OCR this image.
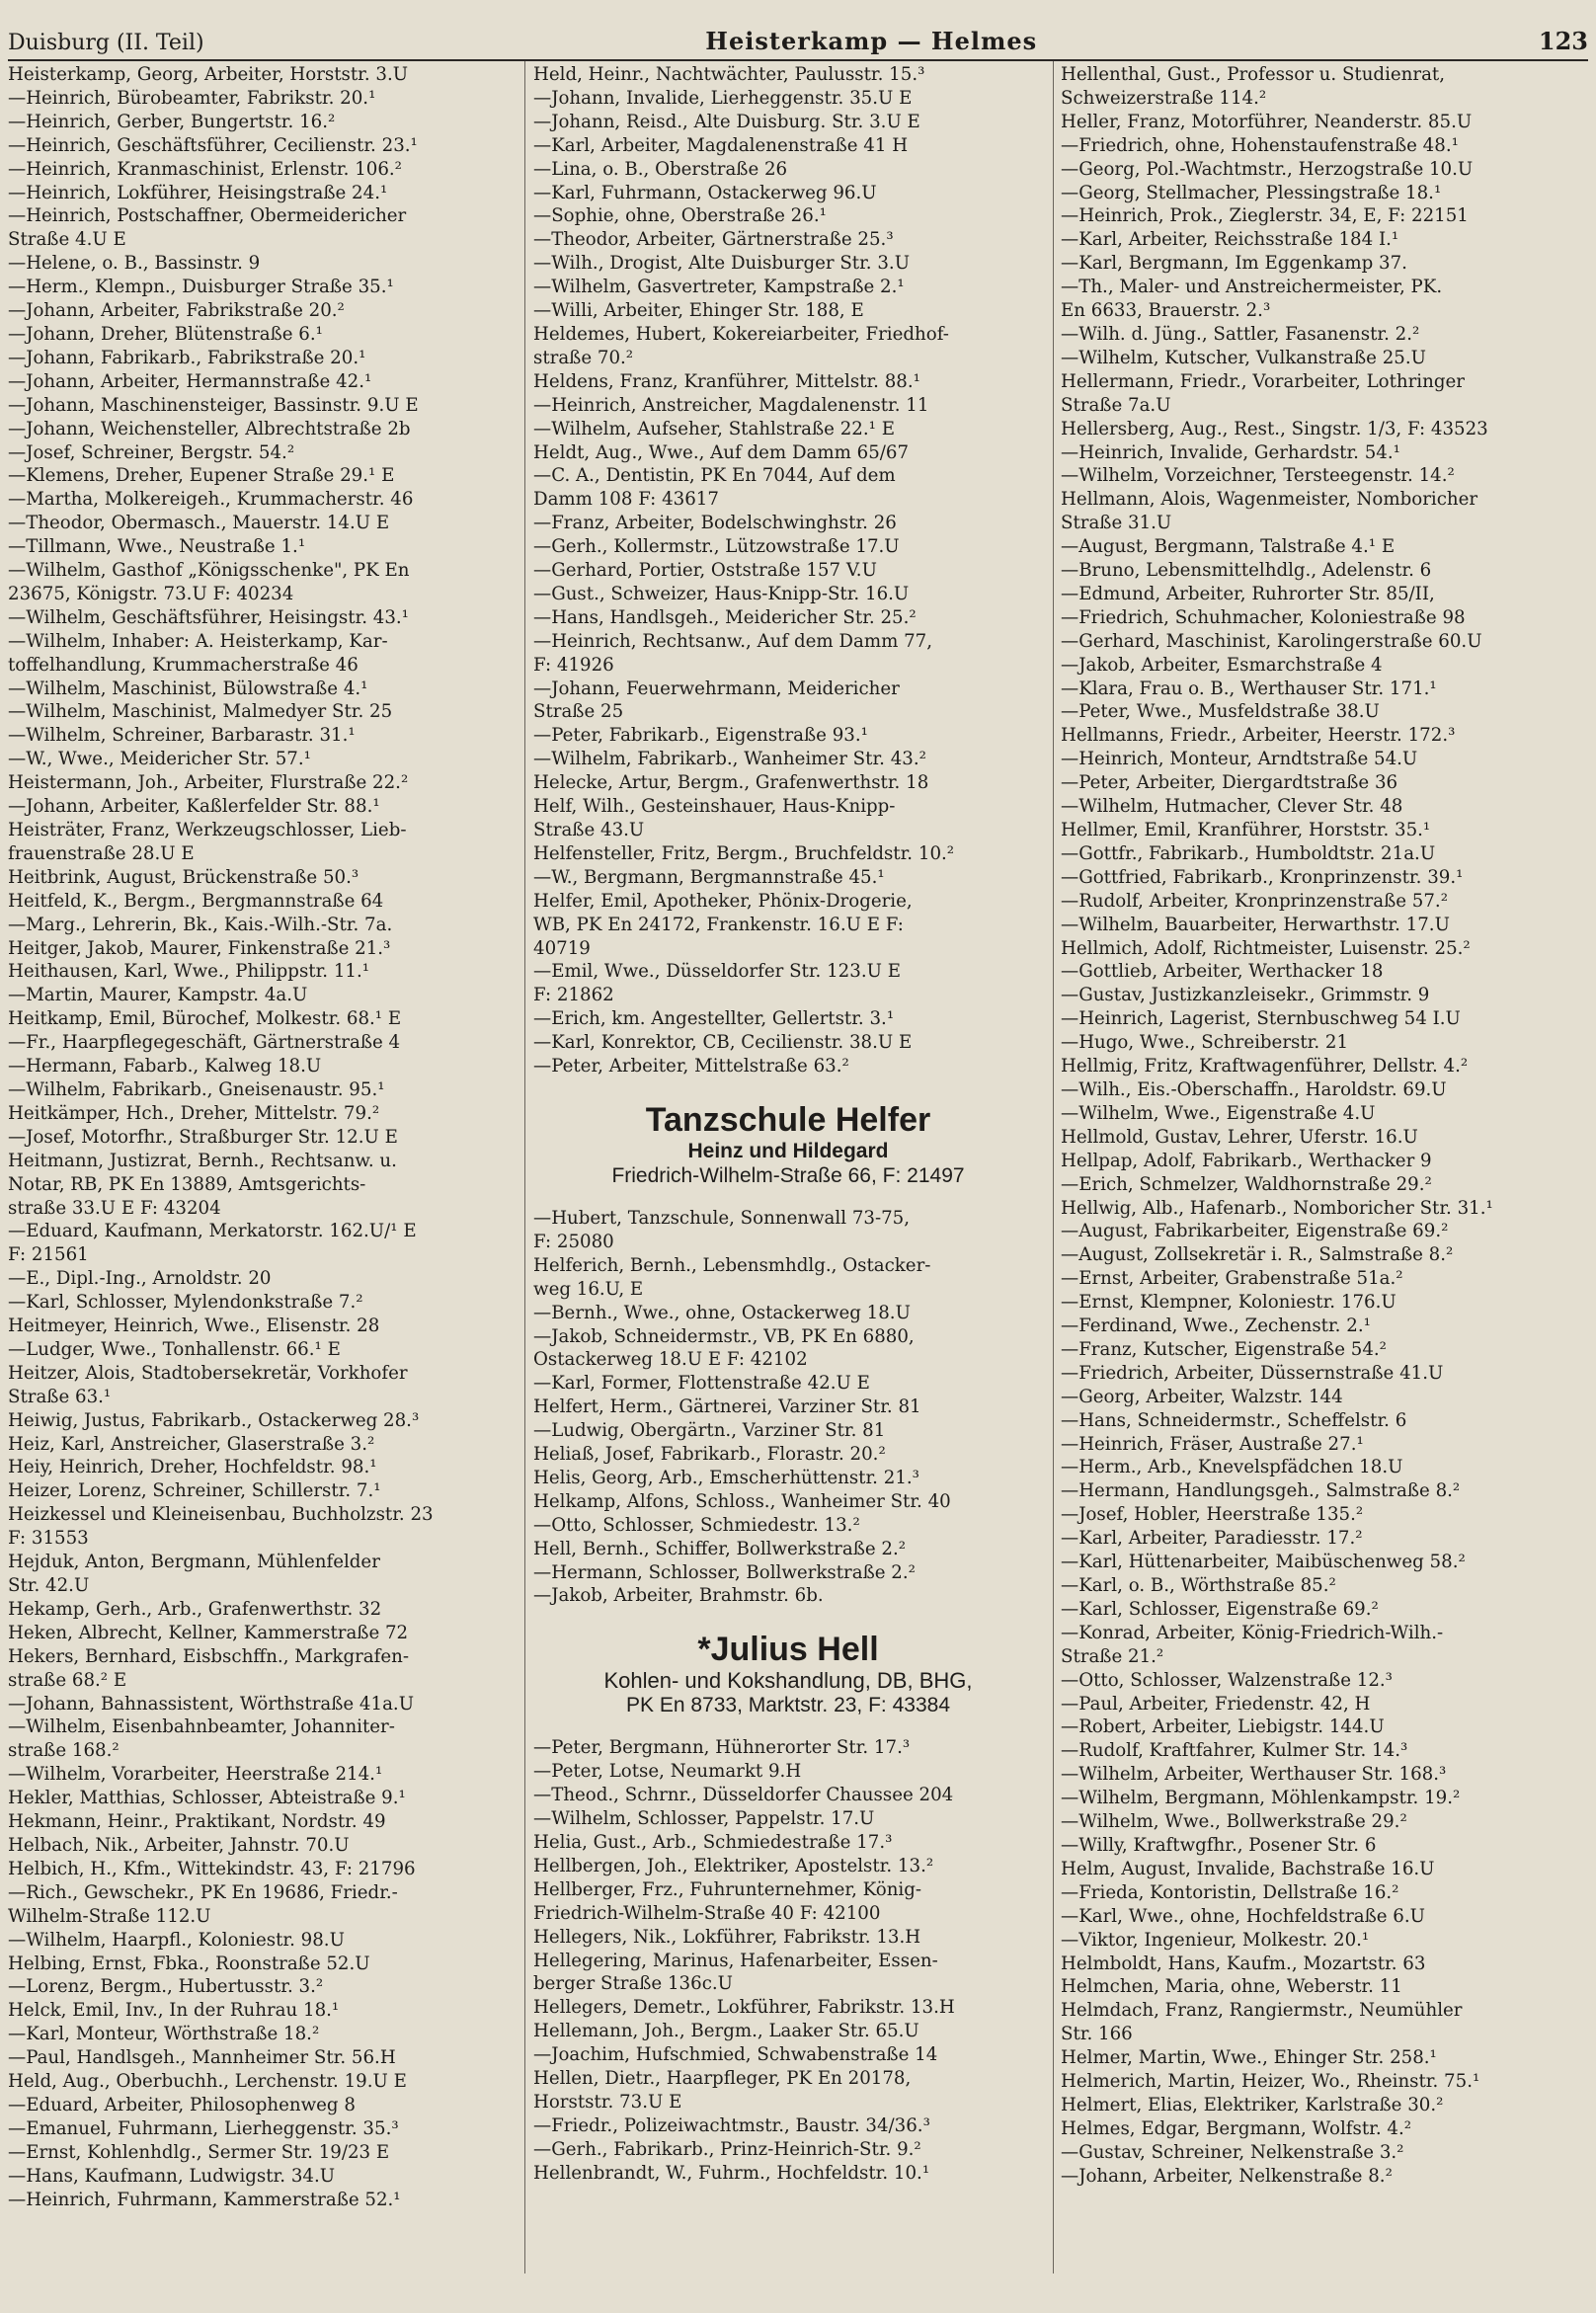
Duisburg (II. Teil)	Heisterkamp — Helmes	123
Heisterkamp, Georg, Arbeiter, Horststr. 3.U
—Heinrich, Bürobeamter, Fabrikstr. 20.¹
—Heinrich, Gerber, Bungertstr. 16.²
—Heinrich, Geschäftsführer, Cecilienstr. 23.¹
—Heinrich, Kranmaschinist, Erlenstr. 106.²
—Heinrich, Lokführer, Heisingstraße 24.¹
—Heinrich, Postschaffner, Obermeidericher
Straße 4.U E
—Helene, o. B., Bassinstr. 9
—Herm., Klempn., Duisburger Straße 35.¹
—Johann, Arbeiter, Fabrikstraße 20.²
—Johann, Dreher, Blütenstraße 6.¹
—Johann, Fabrikarb., Fabrikstraße 20.¹
—Johann, Arbeiter, Hermannstraße 42.¹
—Johann, Maschinensteiger, Bassinstr. 9.U E
—Johann, Weichensteller, Albrechtstraße 2b
—Josef, Schreiner, Bergstr. 54.²
—Klemens, Dreher, Eupener Straße 29.¹ E
—Martha, Molkereigeh., Krummacherstr. 46
—Theodor, Obermasch., Mauerstr. 14.U E
—Tillmann, Wwe., Neustraße 1.¹
—Wilhelm, Gasthof „Königsschenke", PK En
23675, Königstr. 73.U F: 40234
—Wilhelm, Geschäftsführer, Heisingstr. 43.¹
—Wilhelm, Inhaber: A. Heisterkamp, Kar-
toffelhandlung, Krummacherstraße 46
—Wilhelm, Maschinist, Bülowstraße 4.¹
—Wilhelm, Maschinist, Malmedyer Str. 25
—Wilhelm, Schreiner, Barbarastr. 31.¹
—W., Wwe., Meidericher Str. 57.¹
Heistermann, Joh., Arbeiter, Flurstraße 22.²
—Johann, Arbeiter, Kaßlerfelder Str. 88.¹
Heisträter, Franz, Werkzeugschlosser, Lieb-
frauenstraße 28.U E
Heitbrink, August, Brückenstraße 50.³
Heitfeld, K., Bergm., Bergmannstraße 64
—Marg., Lehrerin, Bk., Kais.-Wilh.-Str. 7a.
Heitger, Jakob, Maurer, Finkenstraße 21.³
Heithausen, Karl, Wwe., Philippstr. 11.¹
—Martin, Maurer, Kampstr. 4a.U
Heitkamp, Emil, Bürochef, Molkestr. 68.¹ E
—Fr., Haarpflegegeschäft, Gärtnerstraße 4
—Hermann, Fabarb., Kalweg 18.U
—Wilhelm, Fabrikarb., Gneisenaustr. 95.¹
Heitkämper, Hch., Dreher, Mittelstr. 79.²
—Josef, Motorfhr., Straßburger Str. 12.U E
Heitmann, Justizrat, Bernh., Rechtsanw. u.
Notar, RB, PK En 13889, Amtsgerichts-
straße 33.U E F: 43204
—Eduard, Kaufmann, Merkatorstr. 162.U/¹ E
F: 21561
—E., Dipl.-Ing., Arnoldstr. 20
—Karl, Schlosser, Mylendonkstraße 7.²
Heitmeyer, Heinrich, Wwe., Elisenstr. 28
—Ludger, Wwe., Tonhallenstr. 66.¹ E
Heitzer, Alois, Stadtobersekretär, Vorkhofer
Straße 63.¹
Heiwig, Justus, Fabrikarb., Ostackerweg 28.³
Heiz, Karl, Anstreicher, Glaserstraße 3.²
Heiy, Heinrich, Dreher, Hochfeldstr. 98.¹
Heizer, Lorenz, Schreiner, Schillerstr. 7.¹
Heizkessel und Kleineisenbau, Buchholzstr. 23
F: 31553
Hejduk, Anton, Bergmann, Mühlenfelder
Str. 42.U
Hekamp, Gerh., Arb., Grafenwerthstr. 32
Heken, Albrecht, Kellner, Kammerstraße 72
Hekers, Bernhard, Eisbschffn., Markgrafen-
straße 68.² E
—Johann, Bahnassistent, Wörthstraße 41a.U
—Wilhelm, Eisenbahnbeamter, Johanniter-
straße 168.²
—Wilhelm, Vorarbeiter, Heerstraße 214.¹
Hekler, Matthias, Schlosser, Abteistraße 9.¹
Hekmann, Heinr., Praktikant, Nordstr. 49
Helbach, Nik., Arbeiter, Jahnstr. 70.U
Helbich, H., Kfm., Wittekindstr. 43, F: 21796
—Rich., Gewschekr., PK En 19686, Friedr.-
Wilhelm-Straße 112.U
—Wilhelm, Haarpfl., Koloniestr. 98.U
Helbing, Ernst, Fbka., Roonstraße 52.U
—Lorenz, Bergm., Hubertusstr. 3.²
Helck, Emil, Inv., In der Ruhrau 18.¹
—Karl, Monteur, Wörthstraße 18.²
—Paul, Handlsgeh., Mannheimer Str. 56.H
Held, Aug., Oberbuchh., Lerchenstr. 19.U E
—Eduard, Arbeiter, Philosophenweg 8
—Emanuel, Fuhrmann, Lierheggenstr. 35.³
—Ernst, Kohlenhdlg., Sermer Str. 19/23 E
—Hans, Kaufmann, Ludwigstr. 34.U
—Heinrich, Fuhrmann, Kammerstraße 52.¹
Held, Heinr., Nachtwächter, Paulusstr. 15.³
—Johann, Invalide, Lierheggenstr. 35.U E
—Johann, Reisd., Alte Duisburg. Str. 3.U E
—Karl, Arbeiter, Magdalenenstraße 41 H
—Lina, o. B., Oberstraße 26
—Karl, Fuhrmann, Ostackerweg 96.U
—Sophie, ohne, Oberstraße 26.¹
—Theodor, Arbeiter, Gärtnerstraße 25.³
—Wilh., Drogist, Alte Duisburger Str. 3.U
—Wilhelm, Gasvertreter, Kampstraße 2.¹
—Willi, Arbeiter, Ehinger Str. 188, E
Heldemes, Hubert, Kokereiarbeiter, Friedhof-
straße 70.²
Heldens, Franz, Kranführer, Mittelstr. 88.¹
—Heinrich, Anstreicher, Magdalenenstr. 11
—Wilhelm, Aufseher, Stahlstraße 22.¹ E
Heldt, Aug., Wwe., Auf dem Damm 65/67
—C. A., Dentistin, PK En 7044, Auf dem
Damm 108 F: 43617
—Franz, Arbeiter, Bodelschwinghstr. 26
—Gerh., Kollermstr., Lützowstraße 17.U
—Gerhard, Portier, Oststraße 157 V.U
—Gust., Schweizer, Haus-Knipp-Str. 16.U
—Hans, Handlsgeh., Meidericher Str. 25.²
—Heinrich, Rechtsanw., Auf dem Damm 77,
F: 41926
—Johann, Feuerwehrmann, Meidericher
Straße 25
—Peter, Fabrikarb., Eigenstraße 93.¹
—Wilhelm, Fabrikarb., Wanheimer Str. 43.²
Helecke, Artur, Bergm., Grafenwerthstr. 18
Helf, Wilh., Gesteinshauer, Haus-Knipp-
Straße 43.U
Helfensteller, Fritz, Bergm., Bruchfeldstr. 10.²
—W., Bergmann, Bergmannstraße 45.¹
Helfer, Emil, Apotheker, Phönix-Drogerie,
WB, PK En 24172, Frankenstr. 16.U E F:
40719
—Emil, Wwe., Düsseldorfer Str. 123.U E
F: 21862
—Erich, km. Angestellter, Gellertstr. 3.¹
—Karl, Konrektor, CB, Cecilienstr. 38.U E
—Peter, Arbeiter, Mittelstraße 63.²
Tanzschule Helfer
Heinz und Hildegard
Friedrich-Wilhelm-Straße 66, F: 21497
—Hubert, Tanzschule, Sonnenwall 73-75,
F: 25080
Helferich, Bernh., Lebensmhdlg., Ostacker-
weg 16.U, E
—Bernh., Wwe., ohne, Ostackerweg 18.U
—Jakob, Schneidermstr., VB, PK En 6880,
Ostackerweg 18.U E F: 42102
—Karl, Former, Flottenstraße 42.U E
Helfert, Herm., Gärtnerei, Varziner Str. 81
—Ludwig, Obergärtn., Varziner Str. 81
Heliaß, Josef, Fabrikarb., Florastr. 20.²
Helis, Georg, Arb., Emscherhüttenstr. 21.³
Helkamp, Alfons, Schloss., Wanheimer Str. 40
—Otto, Schlosser, Schmiedestr. 13.²
Hell, Bernh., Schiffer, Bollwerkstraße 2.²
—Hermann, Schlosser, Bollwerkstraße 2.²
—Jakob, Arbeiter, Brahmstr. 6b.
*Julius Hell
Kohlen- und Kokshandlung, DB, BHG,
PK En 8733, Marktstr. 23, F: 43384
—Peter, Bergmann, Hühnerorter Str. 17.³
—Peter, Lotse, Neumarkt 9.H
—Theod., Schrnr., Düsseldorfer Chaussee 204
—Wilhelm, Schlosser, Pappelstr. 17.U
Helia, Gust., Arb., Schmiedestraße 17.³
Hellbergen, Joh., Elektriker, Apostelstr. 13.²
Hellberger, Frz., Fuhrunternehmer, König-
Friedrich-Wilhelm-Straße 40 F: 42100
Hellegers, Nik., Lokführer, Fabrikstr. 13.H
Hellegering, Marinus, Hafenarbeiter, Essen-
berger Straße 136c.U
Hellegers, Demetr., Lokführer, Fabrikstr. 13.H
Hellemann, Joh., Bergm., Laaker Str. 65.U
—Joachim, Hufschmied, Schwabenstraße 14
Hellen, Dietr., Haarpfleger, PK En 20178,
Horststr. 73.U E
—Friedr., Polizeiwachtmstr., Baustr. 34/36.³
—Gerh., Fabrikarb., Prinz-Heinrich-Str. 9.²
Hellenbrandt, W., Fuhrm., Hochfeldstr. 10.¹
Hellenthal, Gust., Professor u. Studienrat,
Schweizerstraße 114.²
Heller, Franz, Motorführer, Neanderstr. 85.U
—Friedrich, ohne, Hohenstaufenstraße 48.¹
—Georg, Pol.-Wachtmstr., Herzogstraße 10.U
—Georg, Stellmacher, Plessingstraße 18.¹
—Heinrich, Prok., Zieglerstr. 34, E, F: 22151
—Karl, Arbeiter, Reichsstraße 184 I.¹
—Karl, Bergmann, Im Eggenkamp 37.
—Th., Maler- und Anstreichermeister, PK.
En 6633, Brauerstr. 2.³
—Wilh. d. Jüng., Sattler, Fasanenstr. 2.²
—Wilhelm, Kutscher, Vulkanstraße 25.U
Hellermann, Friedr., Vorarbeiter, Lothringer
Straße 7a.U
Hellersberg, Aug., Rest., Singstr. 1/3, F: 43523
—Heinrich, Invalide, Gerhardstr. 54.¹
—Wilhelm, Vorzeichner, Tersteegenstr. 14.²
Hellmann, Alois, Wagenmeister, Nomboricher
Straße 31.U
—August, Bergmann, Talstraße 4.¹ E
—Bruno, Lebensmittelhdlg., Adelenstr. 6
—Edmund, Arbeiter, Ruhrorter Str. 85/II,
—Friedrich, Schuhmacher, Koloniestraße 98
—Gerhard, Maschinist, Karolingerstraße 60.U
—Jakob, Arbeiter, Esmarchstraße 4
—Klara, Frau o. B., Werthauser Str. 171.¹
—Peter, Wwe., Musfeldstraße 38.U
Hellmanns, Friedr., Arbeiter, Heerstr. 172.³
—Heinrich, Monteur, Arndtstraße 54.U
—Peter, Arbeiter, Diergardtstraße 36
—Wilhelm, Hutmacher, Clever Str. 48
Hellmer, Emil, Kranführer, Horststr. 35.¹
—Gottfr., Fabrikarb., Humboldtstr. 21a.U
—Gottfried, Fabrikarb., Kronprinzenstr. 39.¹
—Rudolf, Arbeiter, Kronprinzenstraße 57.²
—Wilhelm, Bauarbeiter, Herwarthstr. 17.U
Hellmich, Adolf, Richtmeister, Luisenstr. 25.²
—Gottlieb, Arbeiter, Werthacker 18
—Gustav, Justizkanzleisekr., Grimmstr. 9
—Heinrich, Lagerist, Sternbuschweg 54 I.U
—Hugo, Wwe., Schreiberstr. 21
Hellmig, Fritz, Kraftwagenführer, Dellstr. 4.²
—Wilh., Eis.-Oberschaffn., Haroldstr. 69.U
—Wilhelm, Wwe., Eigenstraße 4.U
Hellmold, Gustav, Lehrer, Uferstr. 16.U
Hellpap, Adolf, Fabrikarb., Werthacker 9
—Erich, Schmelzer, Waldhornstraße 29.²
Hellwig, Alb., Hafenarb., Nomboricher Str. 31.¹
—August, Fabrikarbeiter, Eigenstraße 69.²
—August, Zollsekretär i. R., Salmstraße 8.²
—Ernst, Arbeiter, Grabenstraße 51a.²
—Ernst, Klempner, Koloniestr. 176.U
—Ferdinand, Wwe., Zechenstr. 2.¹
—Franz, Kutscher, Eigenstraße 54.²
—Friedrich, Arbeiter, Düssernstraße 41.U
—Georg, Arbeiter, Walzstr. 144
—Hans, Schneidermstr., Scheffelstr. 6
—Heinrich, Fräser, Austraße 27.¹
—Herm., Arb., Knevelspfädchen 18.U
—Hermann, Handlungsgeh., Salmstraße 8.²
—Josef, Hobler, Heerstraße 135.²
—Karl, Arbeiter, Paradiesstr. 17.²
—Karl, Hüttenarbeiter, Maibüschenweg 58.²
—Karl, o. B., Wörthstraße 85.²
—Karl, Schlosser, Eigenstraße 69.²
—Konrad, Arbeiter, König-Friedrich-Wilh.-
Straße 21.²
—Otto, Schlosser, Walzenstraße 12.³
—Paul, Arbeiter, Friedenstr. 42, H
—Robert, Arbeiter, Liebigstr. 144.U
—Rudolf, Kraftfahrer, Kulmer Str. 14.³
—Wilhelm, Arbeiter, Werthauser Str. 168.³
—Wilhelm, Bergmann, Möhlenkampstr. 19.²
—Wilhelm, Wwe., Bollwerkstraße 29.²
—Willy, Kraftwgfhr., Posener Str. 6
Helm, August, Invalide, Bachstraße 16.U
—Frieda, Kontoristin, Dellstraße 16.²
—Karl, Wwe., ohne, Hochfeldstraße 6.U
—Viktor, Ingenieur, Molkestr. 20.¹
Helmboldt, Hans, Kaufm., Mozartstr. 63
Helmchen, Maria, ohne, Weberstr. 11
Helmdach, Franz, Rangiermstr., Neumühler
Str. 166
Helmer, Martin, Wwe., Ehinger Str. 258.¹
Helmerich, Martin, Heizer, Wo., Rheinstr. 75.¹
Helmert, Elias, Elektriker, Karlstraße 30.²
Helmes, Edgar, Bergmann, Wolfstr. 4.²
—Gustav, Schreiner, Nelkenstraße 3.²
—Johann, Arbeiter, Nelkenstraße 8.²
